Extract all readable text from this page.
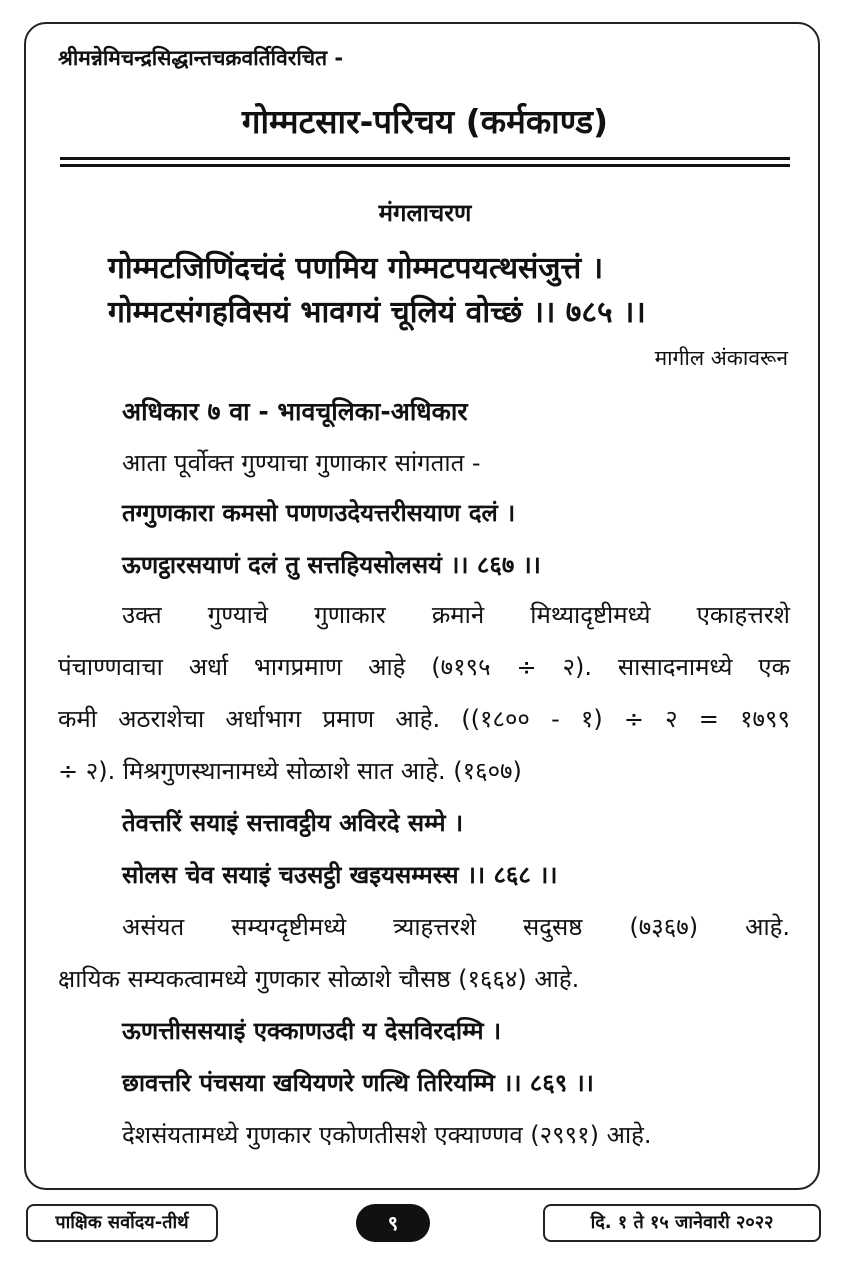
श्रीमन्नेमिचन्द्रसिद्धान्तचक्रवर्तिविरचित -
गोम्मटसार-परिचय (कर्मकाण्ड)
मंगलाचरण
गोम्मटजिणिंदचंदं पणमिय गोम्मटपयत्थसंजुत्तं ।
गोम्मटसंगहविसयं भावगयं चूलियं वोच्छं ।। ७८५ ।।
मागील अंकावरून
अधिकार ७ वा - भावचूलिका-अधिकार
आता पूर्वोक्त गुण्याचा गुणाकार सांगतात -
तग्गुणकारा कमसो पणणउदेयत्तरीसयाण दलं ।
ऊणट्ठारसयाणं दलं तु सत्तहियसोलसयं ।। ८६७ ।।
उक्त गुण्याचे गुणाकार क्रमाने मिथ्यादृष्टीमध्ये एकाहत्तरशे
पंचाण्णवाचा अर्धा भागप्रमाण आहे (७१९५ ÷ २). सासादनामध्ये एक
कमी अठराशेचा अर्धाभाग प्रमाण आहे. ((१८०० - १) ÷ २ = १७९९
÷ २). मिश्रगुणस्थानामध्ये सोळाशे सात आहे. (१६०७)
तेवत्तरिं सयाइं सत्तावट्ठीय अविरदे सम्मे ।
सोलस चेव सयाइं चउसट्ठी खइयसम्मस्स ।। ८६८ ।।
असंयत सम्यग्दृष्टीमध्ये त्र्याहत्तरशे सदुसष्ठ (७३६७) आहे.
क्षायिक सम्यकत्वामध्ये गुणकार सोळाशे चौसष्ठ (१६६४) आहे.
ऊणत्तीससयाइं एक्काणउदी य देसविरदम्मि ।
छावत्तरि पंचसया खयियणरे णत्थि तिरियम्मि ।। ८६९ ।।
देशसंयतामध्ये गुणकार एकोणतीसशे एक्याण्णव (२९९१) आहे.
पाक्षिक सर्वोदय-तीर्थ	९	दि. १ ते १५ जानेवारी २०२२
